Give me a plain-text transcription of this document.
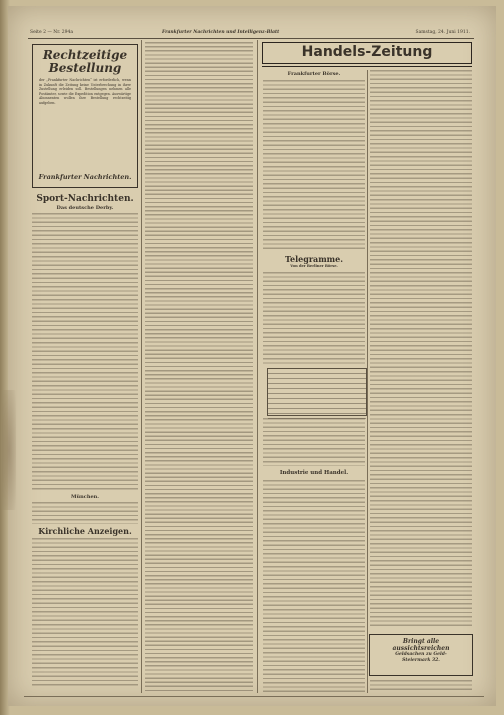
Seite 2 — Nr. 294a	Frankfurter Nachrichten und Intelligenz-Blatt	Samstag, 24. Juni 1911.
Rechtzeitige Bestellung
der „Frankfurter Nachrichten“ ist erforderlich, wenn in Zukunft die Zeitung keine Unterbrechung in ihrer Zustellung erleiden soll. Bestellungen nehmen alle Postämter, sowie die Expedition entgegen. Auswärtige Abonnenten wollen ihre Bestellung rechtzeitig aufgeben.
Frankfurter Nachrichten.
Sport-Nachrichten.
Das deutsche Derby.
München.
Kirchliche Anzeigen.
Handels-Zeitung
Frankfurter Börse.
Telegramme.
Von der Berliner Börse.
Industrie und Handel.
Bringt alle aussichtsreichen
Geldsachen zu Geld-
Steiermark 32.
